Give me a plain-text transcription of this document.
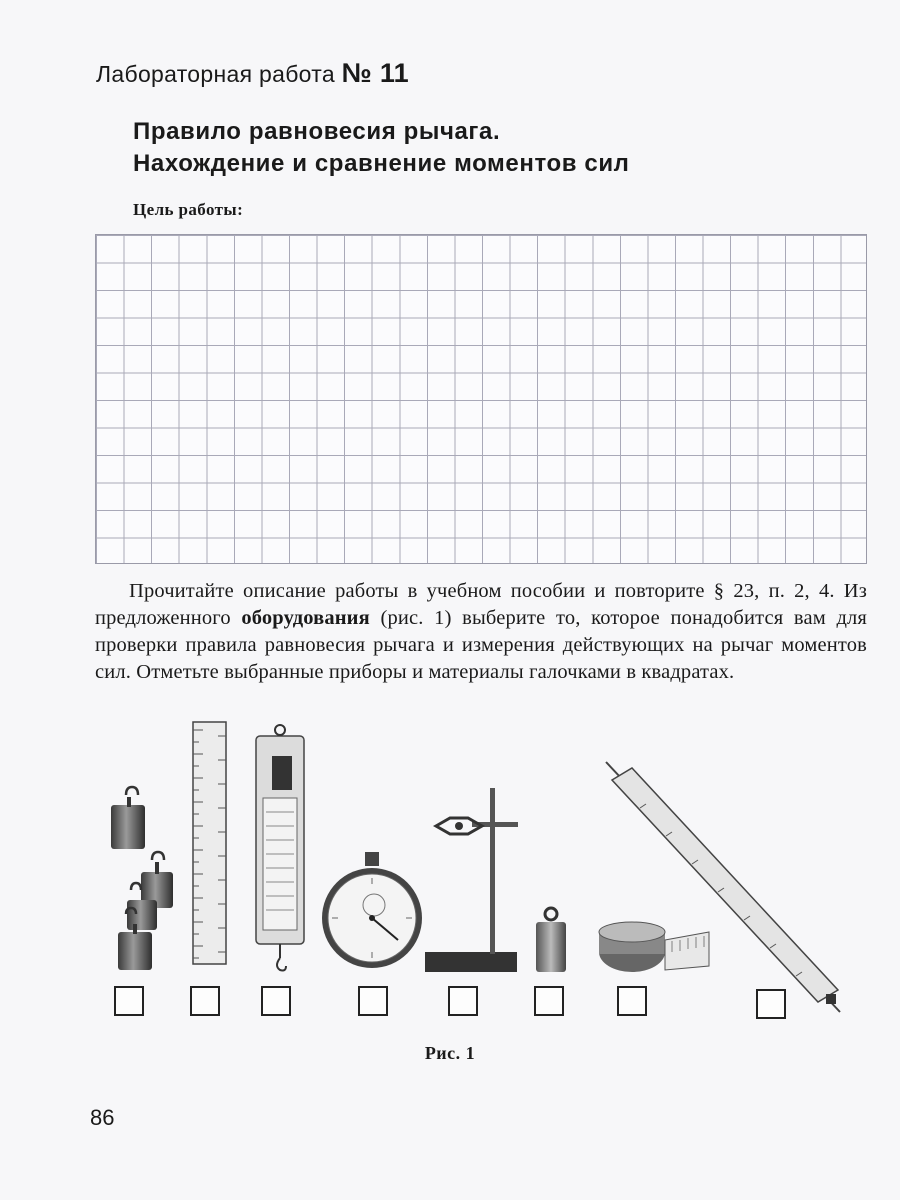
Лабораторная работа № 11
Правило равновесия рычага.
Нахождение и сравнение моментов сил
Цель работы:
Прочитайте описание работы в учебном пособии и повторите § 23, п. 2, 4. Из предложенного оборудования (рис. 1) выберите то, которое понадобится вам для проверки правила равновесия рычага и измерения действующих на рычаг моментов сил. Отметьте выбранные приборы и материалы галочками в квадратах.
Рис. 1
86
